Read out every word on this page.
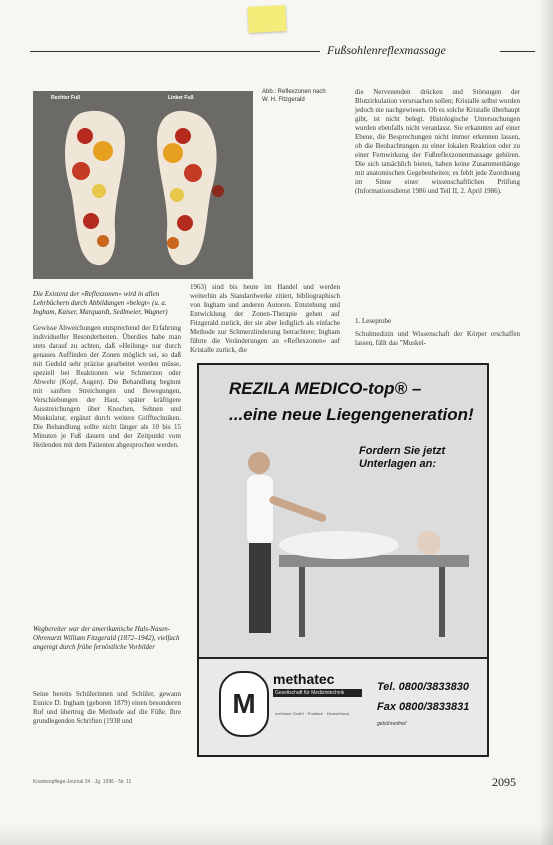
Fußsohlenreflexmassage
Rechter Fuß	Linker Fuß
Abb.: Reflexzonen nach W. H. Fitzgerald
Die Existenz der »Reflexzonen« wird in allen Lehrbüchern durch Abbildungen »belegt« (u. a. Ingham, Kaiser, Marquardt, Sedlmeier, Wagner)

Gewisse Abweichungen entsprechend der Erfahrung individueller Besonderheiten. Überdies habe man stets darauf zu achten, daß »Heilung« nur durch genaues Auffinden der Zonen möglich sei, so daß mit Geduld sehr präzise gearbeitet werden müsse, speziell bei Reaktionen wie Schmerzen oder Abwehr (Kopf, Augen). Die Behandlung beginnt mit sanften Streichungen und Bewegungen, Verschiebungen der Haut, später kräftigere Ausstreichungen über Knochen, Sehnen und Muskulatur, ergänzt durch weitere Grifftechniken. Die Behandlung sollte nicht länger als 10 bis 15 Minuten je Fuß dauern und der Zeitpunkt vom Heilenden mit dem Patienten abgesprochen werden.

Wegbereiter war der amerikanische Hals-Nasen-Ohrenarzt William Fitzgerald (1872–1942), vielfach angeregt durch frühe fernöstliche Vorbilder

Seine bereits Schülerinnen und Schüler, gewann Eunice D. Ingham (geboren 1879) einen besonderen Ruf und übertrug die Methode auf die Füße. Ihre grundlegenden Schriften (1938 und

1963) sind bis heute im Handel und werden weiterhin als Standardwerke zitiert, bibliographisch von Ingham und anderen Autoren. Entstehung und Entwicklung der Zonen-Therapie gehen auf Fitzgerald zurück, der sie aber lediglich als einfache Methode zur Schmerzlinderung betrachtete; Ingham führte die Veränderungen an »Reflexzonen« auf Kristalle zurück, die

die Nervenenden drücken und Störungen der Blutzirkulation verursachen sollen; Kristalle selbst wurden jedoch nie nachgewiesen. Ob es solche Kristalle überhaupt gibt, ist nicht belegt. Histologische Untersuchungen wurden ebenfalls nicht veranlasst. Sie erkannten auf einer Ebene, die Besprechungen nicht immer erkennen lassen, ob die Beobachtungen zu einer lokalen Reaktion oder zu einer Fernwirkung der Fußreflexzonenmassage gehören. Die sich tatsächlich bieten, haben keine Zusammenhänge mit anatomischen Gegebenheiten; es fehlt jede Zuordnung im Sinne einer wissenschaftlichen Prüfung (Informationsdienst 1986 und Teil II, 2. April 1986).

1. Leseprobe

Schulmedizin und Wissenschaft der Körper erschaffen lassen, fällt das "Muskel-

REZILA MEDICO-top® –
...eine neue Liegengeneration!
Fordern Sie jetzt Unterlagen an:
M
methatec
Gesellschaft für Medizintechnik
methatec GmbH · Postfach · Deutschland
Tel. 0800/3833830
Fax 0800/3833831
gebührenfrei!
Krankenpflege-Journal 34 · Jg. 1996 · Nr. 11	2095
